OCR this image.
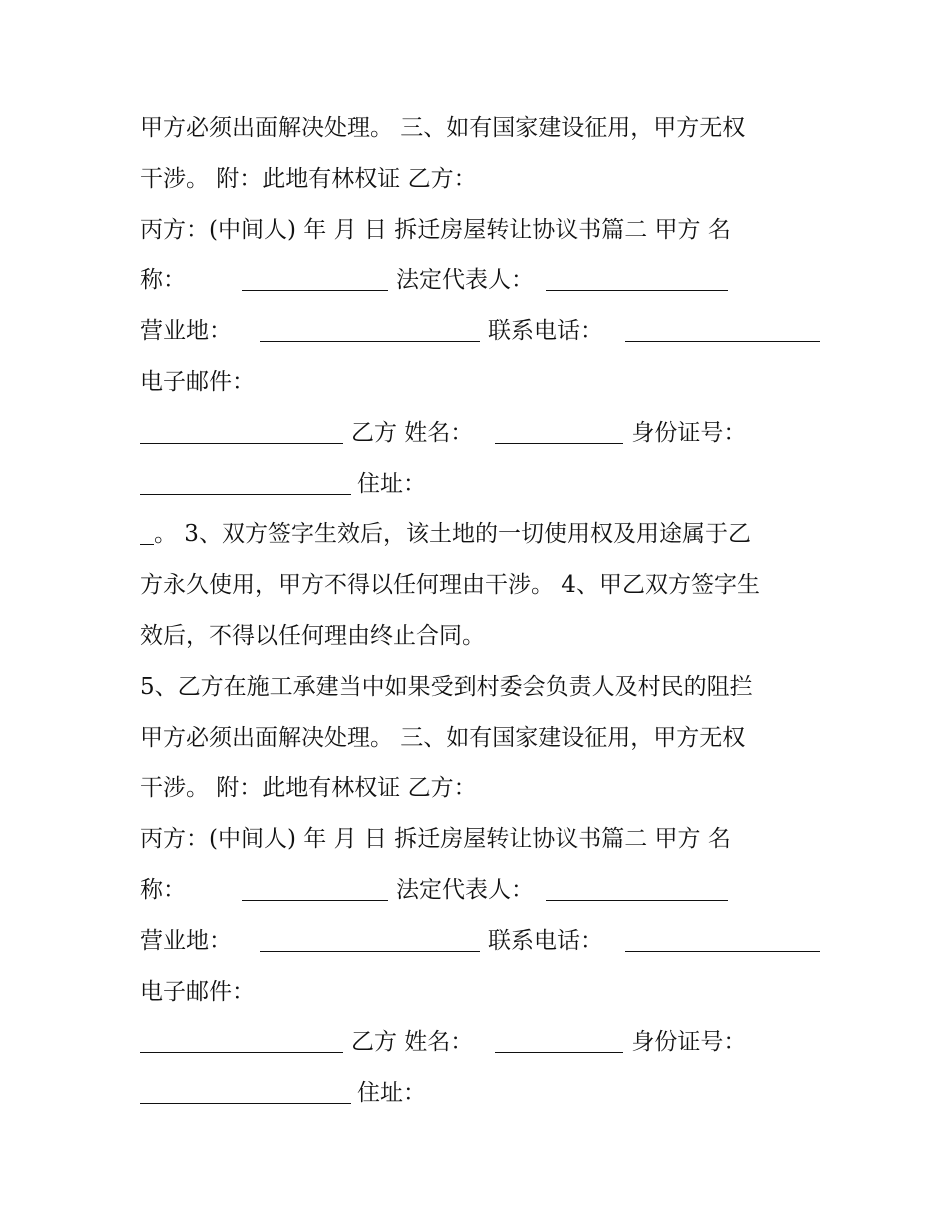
甲方必须出面解决处理。 三、如有国家建设征用，甲方无权
干涉。 附：此地有林权证 乙方：
丙方：(中间人) 年 月 日 拆迁房屋转让协议书篇二 甲方 名
称：	法定代表人：
营业地：	联系电话：
电子邮件：
乙方 姓名：	身份证号：
住址：
。 3、双方签字生效后，该土地的一切使用权及用途属于乙
方永久使用，甲方不得以任何理由干涉。 4、甲乙双方签字生
效后，不得以任何理由终止合同。
5、乙方在施工承建当中如果受到村委会负责人及村民的阻拦
甲方必须出面解决处理。 三、如有国家建设征用，甲方无权
干涉。 附：此地有林权证 乙方：
丙方：(中间人) 年 月 日 拆迁房屋转让协议书篇二 甲方 名
称：	法定代表人：
营业地：	联系电话：
电子邮件：
乙方 姓名：	身份证号：
住址：
